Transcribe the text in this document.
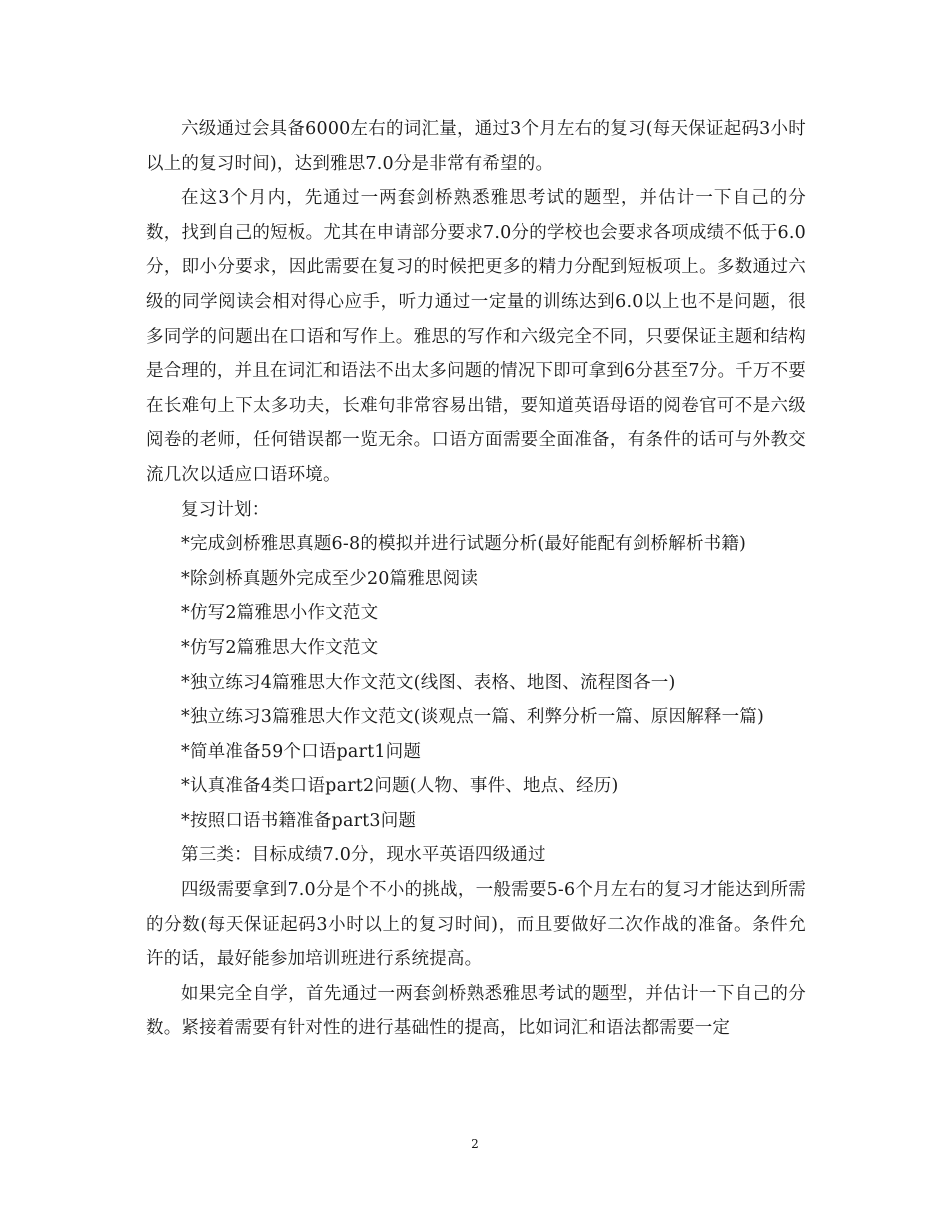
六级通过会具备6000左右的词汇量，通过3个月左右的复习(每天保证起码3小时以上的复习时间)，达到雅思7.0分是非常有希望的。

在这3个月内，先通过一两套剑桥熟悉雅思考试的题型，并估计一下自己的分数，找到自己的短板。尤其在申请部分要求7.0分的学校也会要求各项成绩不低于6.0分，即小分要求，因此需要在复习的时候把更多的精力分配到短板项上。多数通过六级的同学阅读会相对得心应手，听力通过一定量的训练达到6.0以上也不是问题，很多同学的问题出在口语和写作上。雅思的写作和六级完全不同，只要保证主题和结构是合理的，并且在词汇和语法不出太多问题的情况下即可拿到6分甚至7分。千万不要在长难句上下太多功夫，长难句非常容易出错，要知道英语母语的阅卷官可不是六级阅卷的老师，任何错误都一览无余。口语方面需要全面准备，有条件的话可与外教交流几次以适应口语环境。

复习计划：

*完成剑桥雅思真题6-8的模拟并进行试题分析(最好能配有剑桥解析书籍)

*除剑桥真题外完成至少20篇雅思阅读

*仿写2篇雅思小作文范文

*仿写2篇雅思大作文范文

*独立练习4篇雅思大作文范文(线图、表格、地图、流程图各一)

*独立练习3篇雅思大作文范文(谈观点一篇、利弊分析一篇、原因解释一篇)

*简单准备59个口语part1问题

*认真准备4类口语part2问题(人物、事件、地点、经历)

*按照口语书籍准备part3问题

第三类：目标成绩7.0分，现水平英语四级通过

四级需要拿到7.0分是个不小的挑战，一般需要5-6个月左右的复习才能达到所需的分数(每天保证起码3小时以上的复习时间)，而且要做好二次作战的准备。条件允许的话，最好能参加培训班进行系统提高。

如果完全自学，首先通过一两套剑桥熟悉雅思考试的题型，并估计一下自己的分数。紧接着需要有针对性的进行基础性的提高，比如词汇和语法都需要一定

2
